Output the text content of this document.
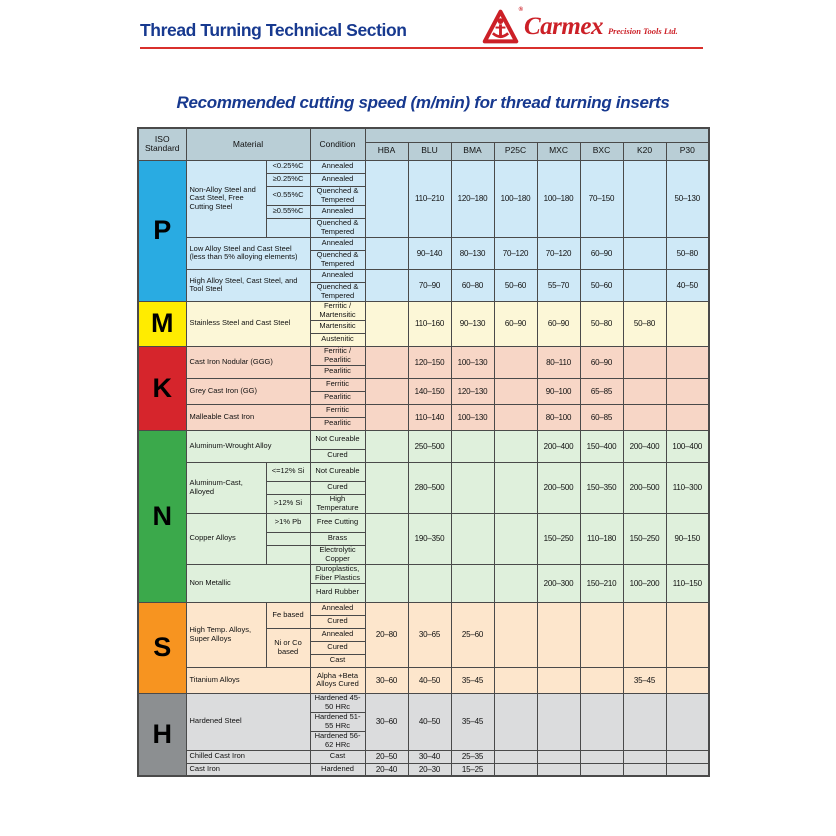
Thread Turning Technical Section
®
Carmex Precision Tools Ltd.
Recommended cutting speed (m/min) for thread turning inserts
ISO
Standard	Material		Condition								
				HBA	BLU	BMA	P25C	MXC	BXC	K20	P30
P	Non-Alloy Steel and Cast Steel, Free Cutting Steel	<0.25%C	Annealed		110–210	120–180	100–180	100–180	70–150		50–130
		≥0.25%C	Annealed								
		<0.55%C	Quenched & Tempered								
		≥0.55%C	Annealed								
			Quenched & Tempered								
	Low Alloy Steel and Cast Steel (less than 5% alloying elements)		Annealed		90–140	80–130	70–120	70–120	60–90		50–80
			Quenched & Tempered								
	High Alloy Steel, Cast Steel, and Tool Steel		Annealed		70–90	60–80	50–60	55–70	50–60		40–50
			Quenched & Tempered								
M	Stainless Steel and Cast Steel		Ferritic / Martensitic		110–160	90–130	60–90	60–90	50–80	50–80	
			Martensitic								
			Austenitic								
K	Cast Iron Nodular (GGG)		Ferritic / Pearlitic		120–150	100–130		80–110	60–90		
			Pearlitic								
	Grey Cast Iron (GG)		Ferritic		140–150	120–130		90–100	65–85		
			Pearlitic								
	Malleable Cast Iron		Ferritic		110–140	100–130		80–100	60–85		
			Pearlitic								
N	Aluminum-Wrought Alloy		Not Cureable		250–500			200–400	150–400	200–400	100–400
			Cured								
	Aluminum-Cast, Alloyed	<=12% Si	Not Cureable		280–500			200–500	150–350	200–500	110–300
			Cured								
		>12% Si	High Temperature								
	Copper Alloys	>1% Pb	Free Cutting		190–350			150–250	110–180	150–250	90–150
			Brass								
			Electrolytic Copper								
	Non Metallic		Duroplastics, Fiber Plastics					200–300	150–210	100–200	110–150
			Hard Rubber								
S	High Temp. Alloys, Super Alloys	Fe based	Annealed	20–80	30–65	25–60					
			Cured								
		Ni or Co based	Annealed								
			Cured								
			Cast								
	Titanium Alloys		Alpha +Beta Alloys Cured	30–60	40–50	35–45				35–45	
H	Hardened Steel		Hardened 45-50 HRc	30–60	40–50	35–45					
			Hardened 51-55 HRc								
			Hardened 56-62 HRc								
	Chilled Cast Iron		Cast	20–50	30–40	25–35					
	Cast Iron		Hardened	20–40	20–30	15–25					
